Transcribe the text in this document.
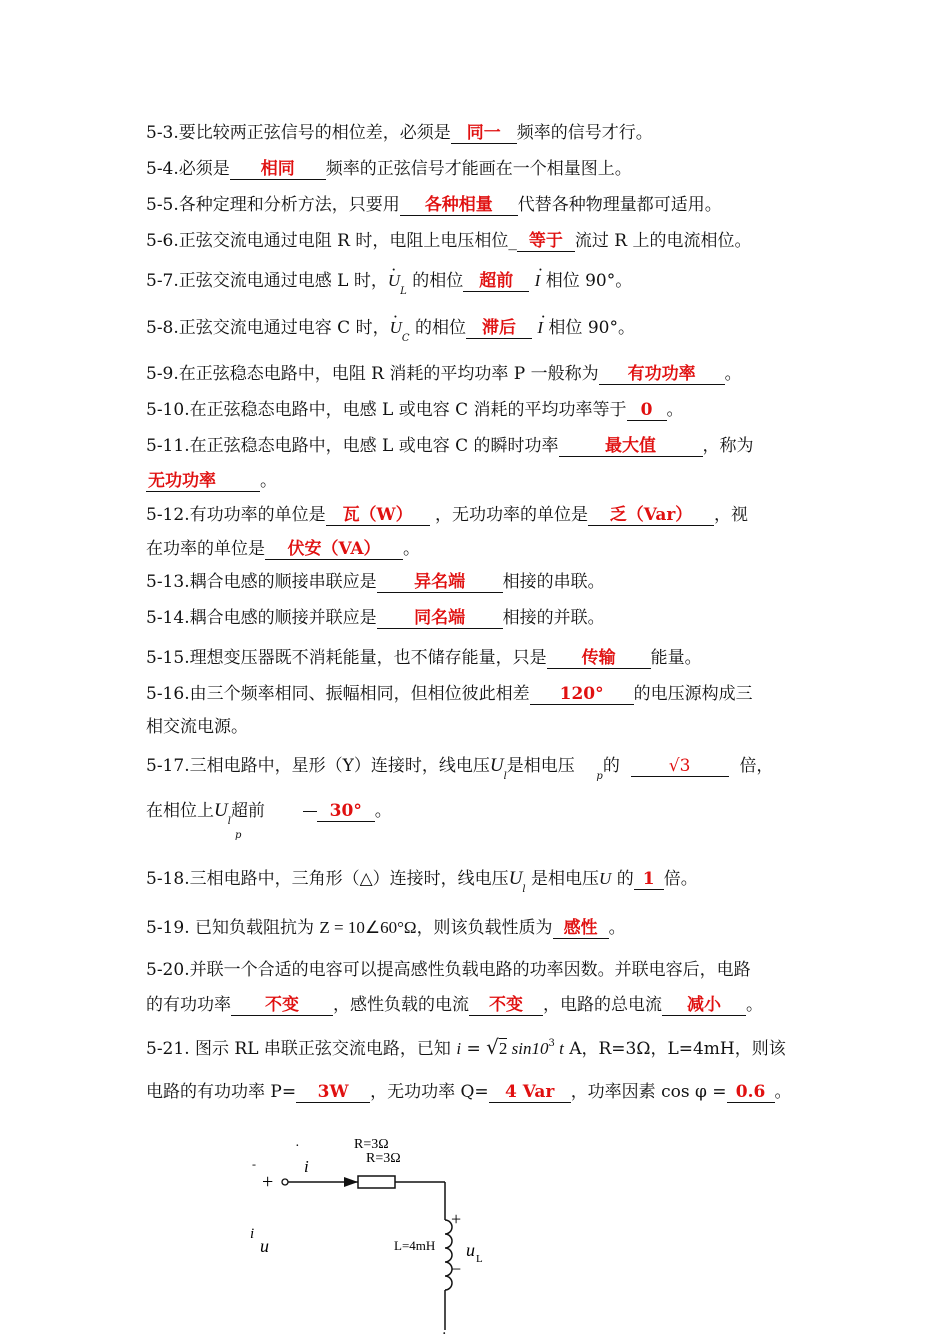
5-3.要比较两正弦信号的相位差，必须是 同一 频率的信号才行。
5-4.必须是 相同 频率的正弦信号才能画在一个相量图上。
5-5.各种定理和分析方法，只要用 各种相量 代替各种物理量都可适用。
5-6.正弦交流电通过电阻 R 时，电阻上电压相位_ 等于 流过 R 上的电流相位。
5-7.正弦交流电通过电感 L 时，· $U_L$ 的相位 超前 · I 相位 90°。
5-8.正弦交流电通过电容 C 时，· $U_C$ 的相位 滞后 · I 相位 90°。
5-9.在正弦稳态电路中，电阻 R 消耗的平均功率 P 一般称为 有功功率 。
5-10.在正弦稳态电路中，电感 L 或电容 C 消耗的平均功率等于 0 。
5-11.在正弦稳态电路中，电感 L 或电容 C 的瞬时功率	最大值	，称为
无功功率	。
5-12.有功功率的单位是 瓦（W） ，无功功率的单位是 乏（Var） ，视
在功率的单位是 伏安（VA） 。
5-13.耦合电感的顺接串联应是 异名端 相接的串联。
5-14.耦合电感的顺接并联应是 同名端 相接的并联。
5-15.理想变压器既不消耗能量，也不储存能量，只是 传输 能量。
5-16.由三个频率相同、振幅相同，但相位彼此相差 120° 的电压源构成三
相交流电源。
5-17.三相电路中，星形（Y）连接时，线电压$U_l$是相电压    $_p$的	√3	倍，
在相位上$U_l$超前	30° 。
p
5-18.三相电路中，三角形（△）连接时，线电压$U_l$ 是相电压U 的 1 倍。
5-19. 已知负载阻抗为 Z = 10∠60°Ω，则该负载性质为 感性 。
5-20.并联一个合适的电容可以提高感性负载电路的功率因数。并联电容后，电路
的有功功率 不变 ，感性负载的电流 不变 ，电路的总电流 减小 。
5-21. 图示 RL 串联正弦交流电路，已知 i = √2 $\sin 10^3$ t A，R=3Ω，L=4mH，则该
电路的有功功率 P= 3W ，无功功率 Q= 4 Var ，功率因素 cos φ = 0.6 。
-
·	R=3Ω
R=3Ω
i
+
+
−
L=4mH u L
i
u
.
